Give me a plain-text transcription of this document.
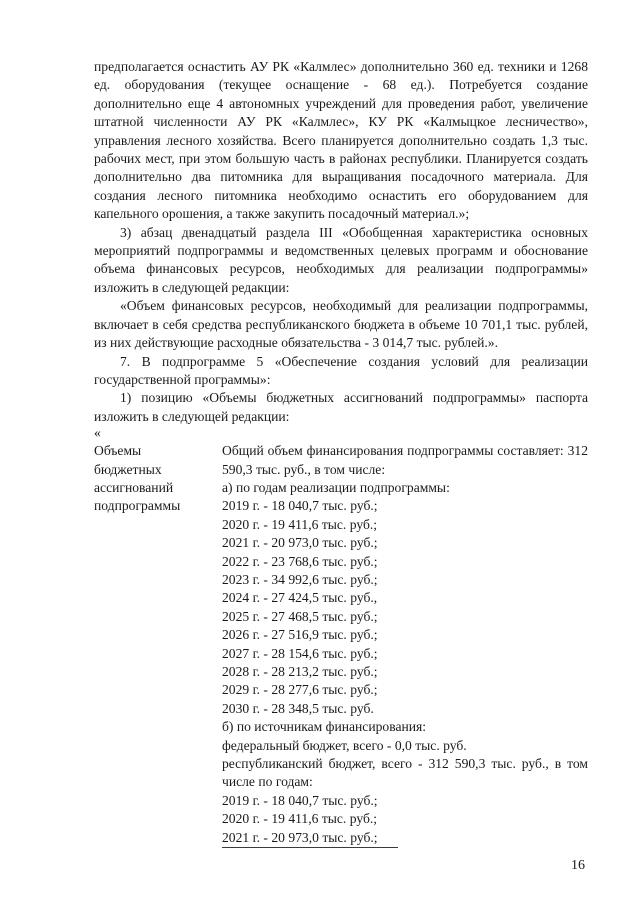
предполагается оснастить АУ РК «Калмлес» дополнительно 360 ед. техники и 1268 ед. оборудования (текущее оснащение - 68 ед.). Потребуется создание дополнительно еще 4 автономных учреждений для проведения работ, увеличение штатной численности АУ РК «Калмлес», КУ РК «Калмыцкое лесничество», управления лесного хозяйства. Всего планируется дополнительно создать 1,3 тыс. рабочих мест, при этом большую часть в районах республики. Планируется создать дополнительно два питомника для выращивания посадочного материала. Для создания лесного питомника необходимо оснастить его оборудованием для капельного орошения, а также закупить посадочный материал.»;

3) абзац двенадцатый раздела III «Обобщенная характеристика основных мероприятий подпрограммы и ведомственных целевых программ и обоснование объема финансовых ресурсов, необходимых для реализации подпрограммы» изложить в следующей редакции:

«Объем финансовых ресурсов, необходимый для реализации подпрограммы, включает в себя средства республиканского бюджета в объеме 10 701,1 тыс. рублей, из них действующие расходные обязательства - 3 014,7 тыс. рублей.».

7. В подпрограмме 5 «Обеспечение создания условий для реализации государственной программы»:

1) позицию «Объемы бюджетных ассигнований подпрограммы» паспорта изложить в следующей редакции:

«

Объемы
бюджетных
ассигнований
подпрограммы
Общий объем финансирования подпрограммы составляет: 312 590,3 тыс. руб., в том числе:
а) по годам реализации подпрограммы:
2019 г. - 18 040,7 тыс. руб.;
2020 г. - 19 411,6 тыс. руб.;
2021 г. - 20 973,0 тыс. руб.;
2022 г. - 23 768,6 тыс. руб.;
2023 г. - 34 992,6 тыс. руб.;
2024 г. - 27 424,5 тыс. руб.,
2025 г. - 27 468,5 тыс. руб.;
2026 г. - 27 516,9 тыс. руб.;
2027 г. - 28 154,6 тыс. руб.;
2028 г. - 28 213,2 тыс. руб.;
2029 г. - 28 277,6 тыс. руб.;
2030 г. - 28 348,5 тыс. руб.
б) по источникам финансирования:
федеральный бюджет, всего - 0,0 тыс. руб.
республиканский бюджет, всего - 312 590,3 тыс. руб., в том числе по годам:
2019 г. - 18 040,7 тыс. руб.;
2020 г. - 19 411,6 тыс. руб.;
2021 г. - 20 973,0 тыс. руб.;
16
